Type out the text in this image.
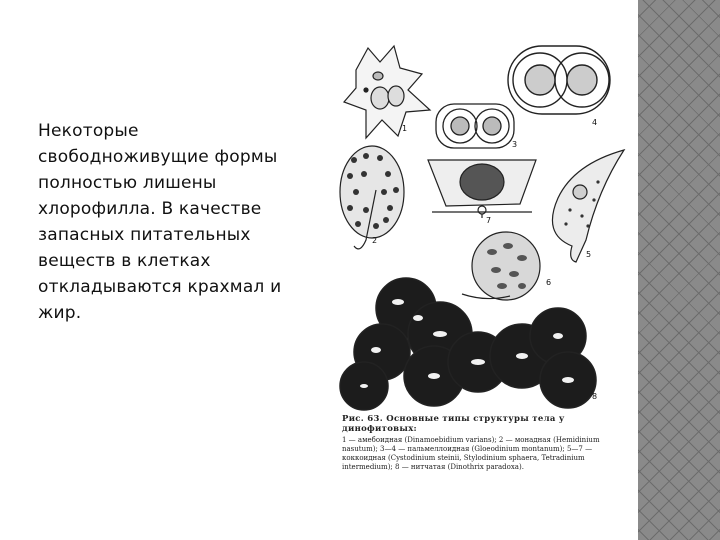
Некоторые
свободноживущие формы
полностью лишены
хлорофилла. В качестве
запасных питательных
веществ в клетках
откладываются крахмал и
жир.
1
2
3
4
5
6
7
8
Рис. 63. Основные типы структуры тела у динофитовых:
1 — амебоидная (Dinamoebidium varians); 2 — монадная (Hemidinium nasutum); 3—4 — пальмеллоидная (Gloeodinium montanum); 5—7 — коккоидная (Cystodinium steinii, Stylodinium sphaera, Tetradinium intermedium); 8 — нитчатая (Dinothrix paradoxa).
